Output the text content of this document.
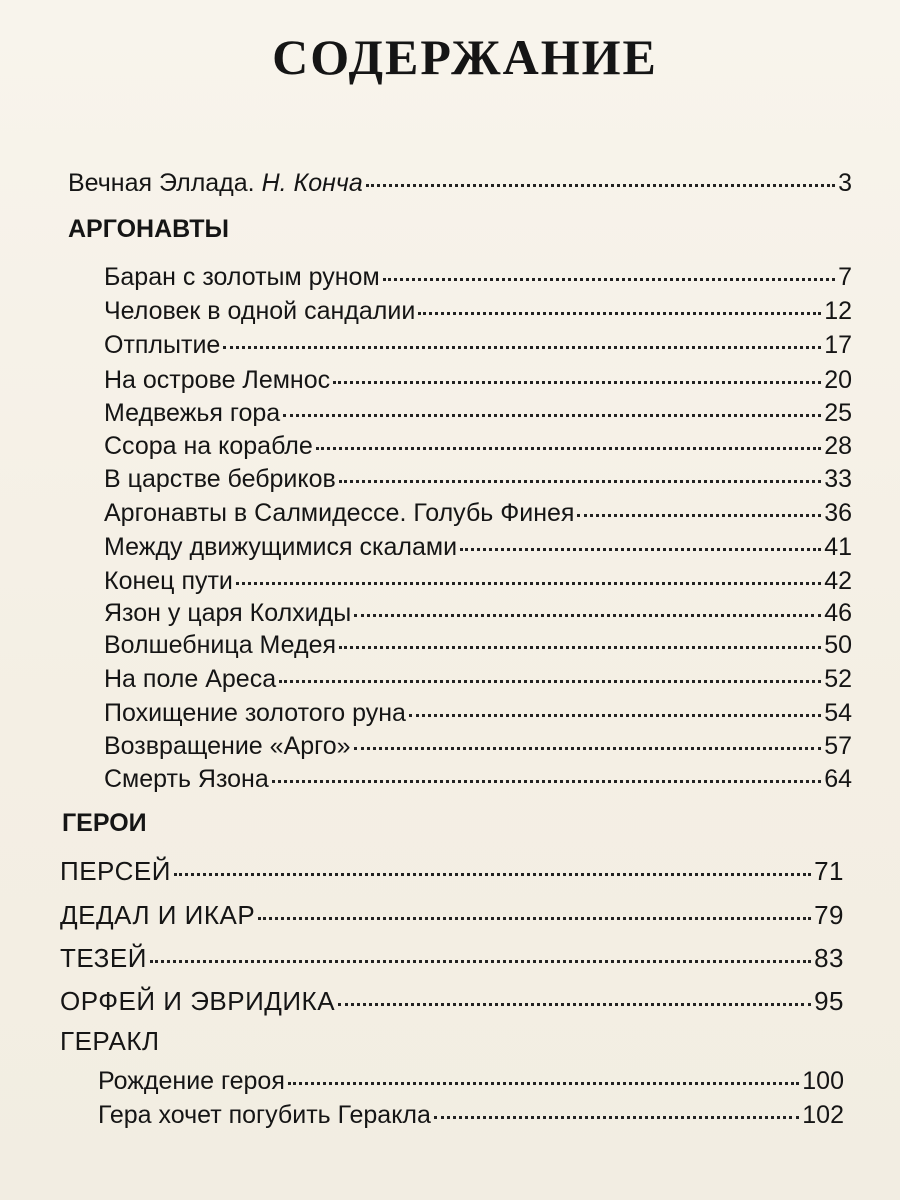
СОДЕРЖАНИЕ
Вечная Эллада. Н. Конча	3
АРГОНАВТЫ
Баран с золотым руном	7
Человек в одной сандалии	12
Отплытие	17
На острове Лемнос	20
Медвежья гора	25
Ссора на корабле	28
В царстве бебриков	33
Аргонавты в Салмидессе. Голубь Финея	36
Между движущимися скалами	41
Конец пути	42
Язон у царя Колхиды	46
Волшебница Медея	50
На поле Ареса	52
Похищение золотого руна	54
Возвращение «Арго»	57
Смерть Язона	64
ГЕРОИ
ПЕРСЕЙ	71
ДЕДАЛ И ИКАР	79
ТЕЗЕЙ	83
ОРФЕЙ И ЭВРИДИКА	95
ГЕРАКЛ
Рождение героя	100
Гера хочет погубить Геракла	102
